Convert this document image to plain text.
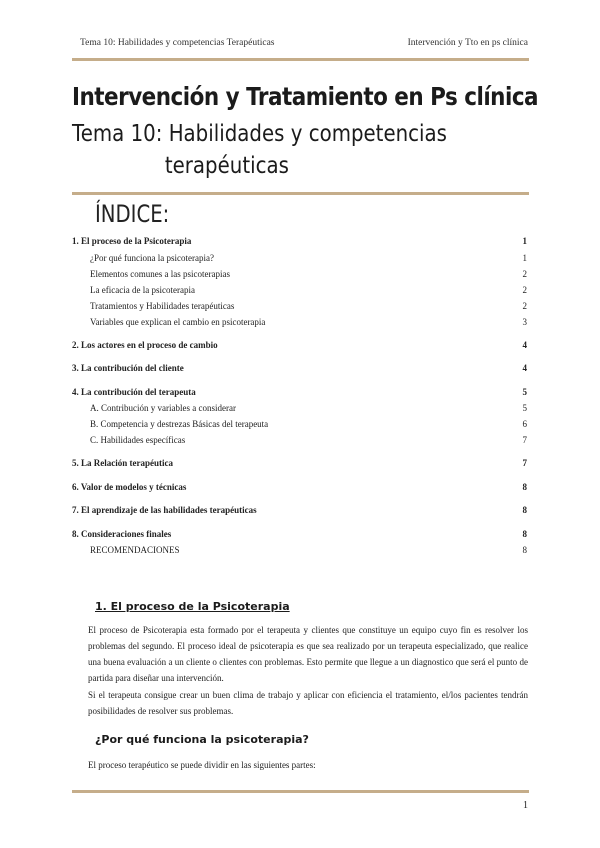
Tema 10: Habilidades y competencias Terapéuticas	Intervención y Tto en ps clínica
Intervención y Tratamiento en Ps clínica
Tema 10: Habilidades y competencias
terapéuticas
ÍNDICE:
1. El proceso de la Psicoterapia	1
¿Por qué funciona la psicoterapia?	1
Elementos comunes a las psicoterapias	2
La eficacia de la psicoterapia	2
Tratamientos y Habilidades terapéuticas	2
Variables que explican el cambio en psicoterapia	3
2. Los actores en el proceso de cambio	4
3. La contribución del cliente	4
4. La contribución del terapeuta	5
A. Contribución y variables a considerar	5
B. Competencia y destrezas Básicas del terapeuta	6
C. Habilidades específicas	7
5. La Relación terapéutica	7
6. Valor de modelos y técnicas	8
7. El aprendizaje de las habilidades terapéuticas	8
8. Consideraciones finales	8
RECOMENDACIONES	8
1. El proceso de la Psicoterapia
El proceso de Psicoterapia esta formado por el terapeuta y clientes que constituye un equipo cuyo fin es resolver los problemas del segundo. El proceso ideal de psicoterapia es que sea realizado por un terapeuta especializado, que realice una buena evaluación a un cliente o clientes con problemas. Esto permite que llegue a un diagnostico que será el punto de partida para diseñar una intervención.
Si el terapeuta consigue crear un buen clima de trabajo y aplicar con eficiencia el tratamiento, el/los pacientes tendrán posibilidades de resolver sus problemas.
¿Por qué funciona la psicoterapia?
El proceso terapéutico se puede dividir en las siguientes partes:
1
